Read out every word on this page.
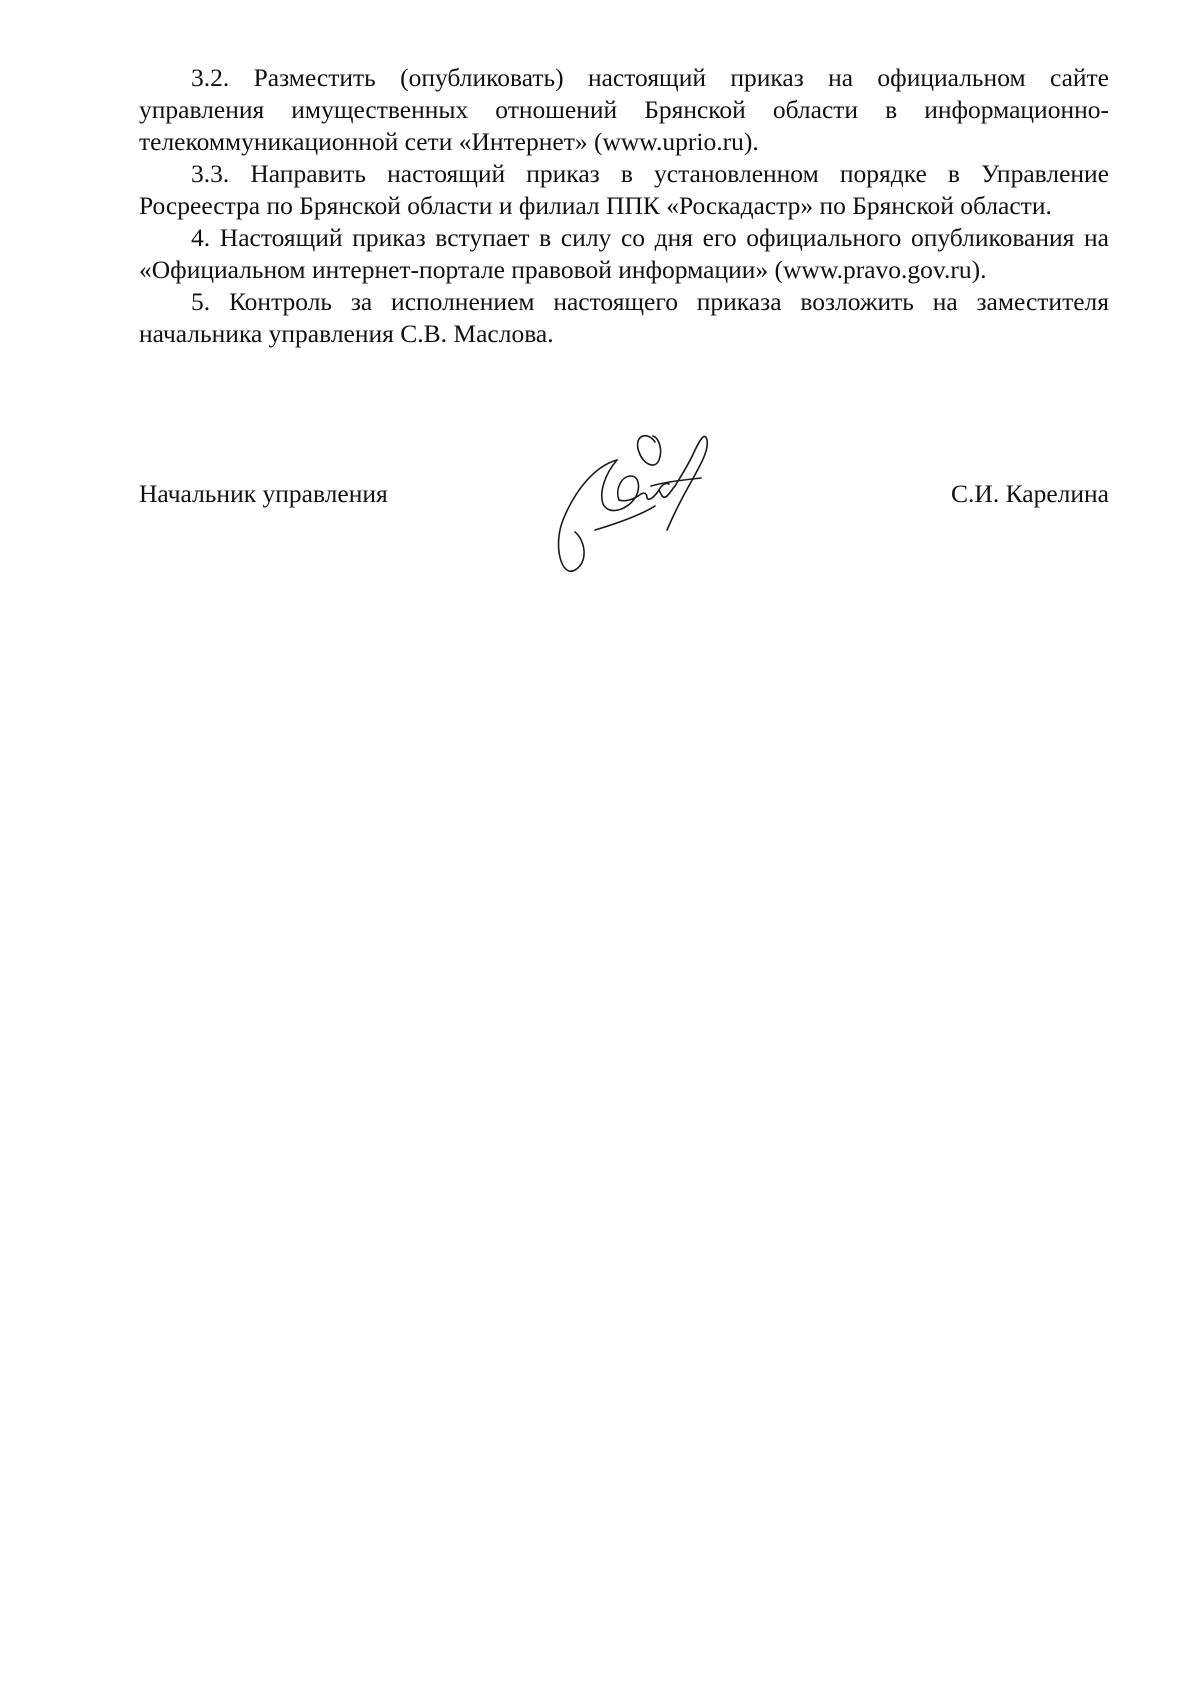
3.2. Разместить (опубликовать) настоящий приказ на официальном сайте управления имущественных отношений Брянской области в информационно-телекоммуникационной сети «Интернет» (www.uprio.ru).

3.3. Направить настоящий приказ в установленном порядке в Управление Росреестра по Брянской области и филиал ППК «Роскадастр» по Брянской области.

4. Настоящий приказ вступает в силу со дня его официального опубликования на «Официальном интернет-портале правовой информации» (www.pravo.gov.ru).

5. Контроль за исполнением настоящего приказа возложить на заместителя начальника управления С.В. Маслова.

Начальник управления	С.И. Карелина
